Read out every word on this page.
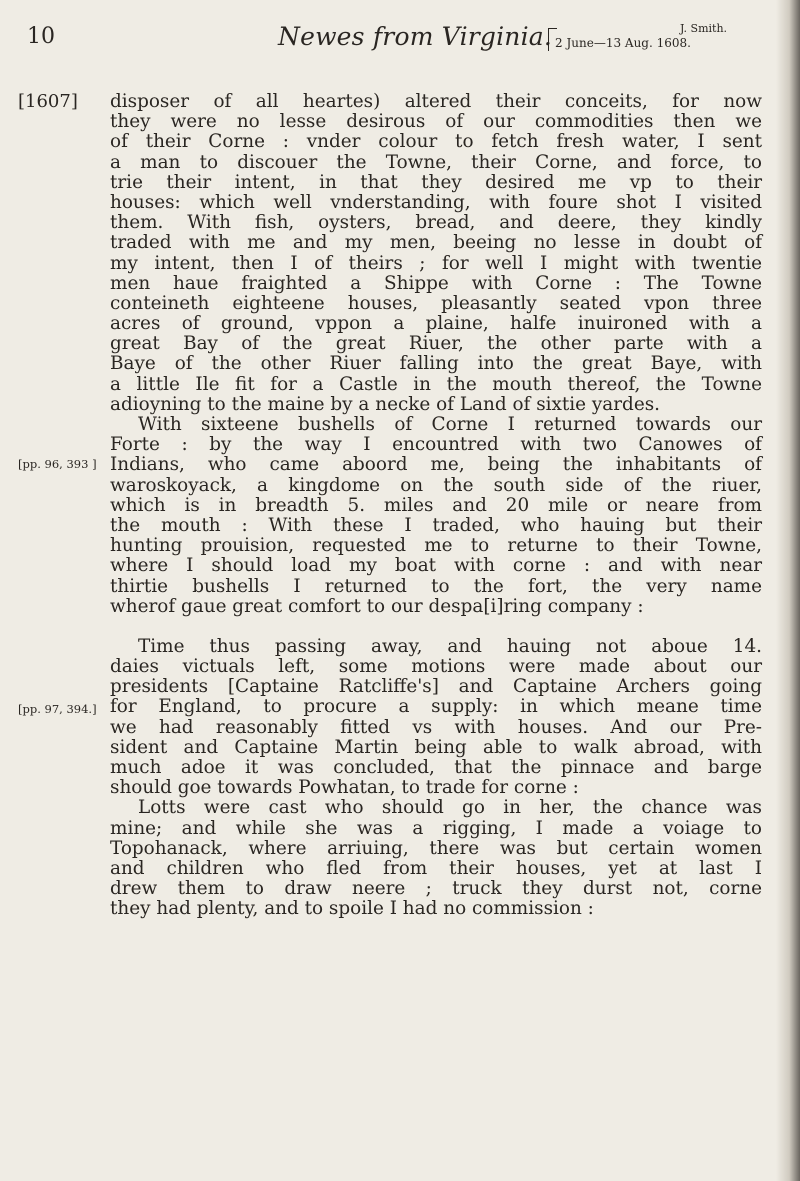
10	Newes from Virginia.	J. Smith.
2 June—13 Aug. 1608.
[1607]
[pp. 96, 393 ]
[pp. 97, 394.]
disposer of all heartes) altered their conceits, for now
they were no lesse desirous of our commodities then we
of their Corne : vnder colour to fetch fresh water, I sent
a man to discouer the Towne, their Corne, and force, to
trie their intent, in that they desired me vp to their
houses: which well vnderstanding, with foure shot I visited
them. With fish, oysters, bread, and deere, they kindly
traded with me and my men, beeing no lesse in doubt of
my intent, then I of theirs ; for well I might with twentie
men haue fraighted a Shippe with Corne : The Towne
conteineth eighteene houses, pleasantly seated vpon three
acres of ground, vppon a plaine, halfe inuironed with a
great Bay of the great Riuer, the other parte with a
Baye of the other Riuer falling into the great Baye, with
a little Ile fit for a Castle in the mouth thereof, the Towne
adioyning to the maine by a necke of Land of sixtie yardes.
With sixteene bushells of Corne I returned towards our
Forte : by the way I encountred with two Canowes of
Indians, who came aboord me, being the inhabitants of
waroskoyack, a kingdome on the south side of the riuer,
which is in breadth 5. miles and 20 mile or neare from
the mouth : With these I traded, who hauing but their
hunting prouision, requested me to returne to their Towne,
where I should load my boat with corne : and with near
thirtie bushells I returned to the fort, the very name
wherof gaue great comfort to our despa[i]ring company :
Time thus passing away, and hauing not aboue 14.
daies victuals left, some motions were made about our
presidents [Captaine Ratcliffe's] and Captaine Archers going
for England, to procure a supply: in which meane time
we had reasonably fitted vs with houses. And our Pre-
sident and Captaine Martin being able to walk abroad, with
much adoe it was concluded, that the pinnace and barge
should goe towards Powhatan, to trade for corne :
Lotts were cast who should go in her, the chance was
mine; and while she was a rigging, I made a voiage to
Topohanack, where arriuing, there was but certain women
and children who fled from their houses, yet at last I
drew them to draw neere ; truck they durst not, corne
they had plenty, and to spoile I had no commission :
